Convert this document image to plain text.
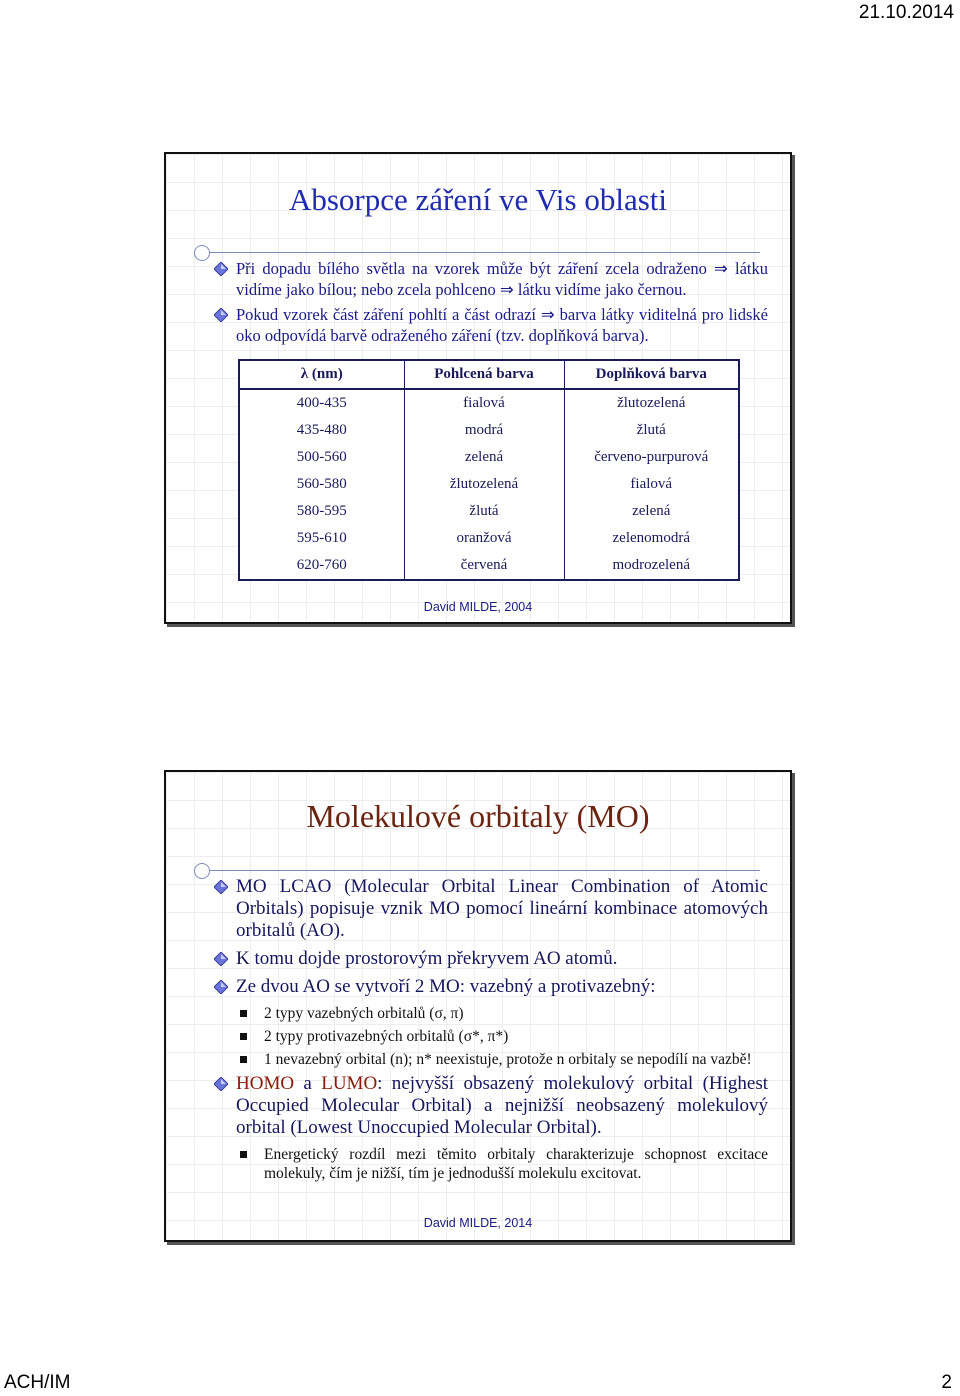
21.10.2014
Absorpce záření ve Vis oblasti
Při dopadu bílého světla na vzorek může být záření zcela odraženo ⇒ látku vidíme jako bílou; nebo zcela pohlceno ⇒ látku vidíme jako černou.
Pokud vzorek část záření pohltí a část odrazí ⇒ barva látky viditelná pro lidské oko odpovídá barvě odraženého záření (tzv. doplňková barva).
λ (nm)	Pohlcená barva	Doplňková barva
400-435	fialová	žlutozelená
435-480	modrá	žlutá
500-560	zelená	červeno-purpurová
560-580	žlutozelená	fialová
580-595	žlutá	zelená
595-610	oranžová	zelenomodrá
620-760	červená	modrozelená
David MILDE, 2004
Molekulové orbitaly (MO)
MO LCAO (Molecular Orbital Linear Combination of Atomic Orbitals) popisuje vznik MO pomocí lineární kombinace atomových orbitalů (AO).
K tomu dojde prostorovým překryvem AO atomů.
Ze dvou AO se vytvoří 2 MO: vazebný a protivazebný:
2 typy vazebných orbitalů (σ, π)
2 typy protivazebných orbitalů (σ*, π*)
1 nevazebný orbital (n); n* neexistuje, protože n orbitaly se nepodílí na vazbě!
HOMO a LUMO: nejvyšší obsazený molekulový orbital (Highest Occupied Molecular Orbital) a nejnižší neobsazený molekulový orbital (Lowest Unoccupied Molecular Orbital).
Energetický rozdíl mezi těmito orbitaly charakterizuje schopnost excitace molekuly, čím je nižší, tím je jednodušší molekulu excitovat.
David MILDE, 2014
ACH/IM	2
